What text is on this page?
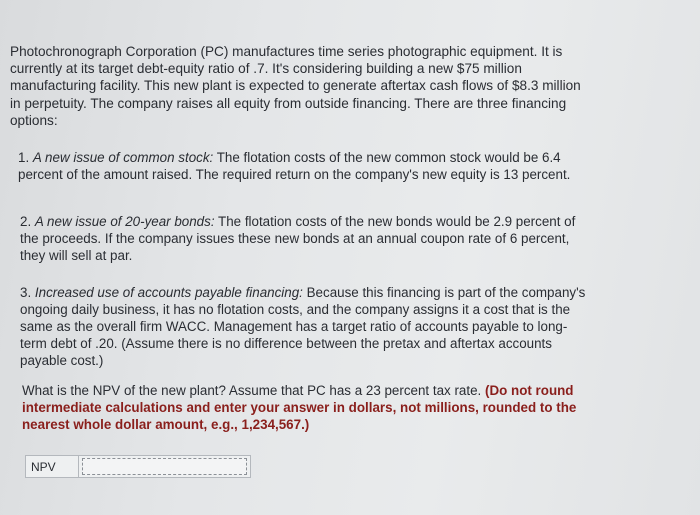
Photochronograph Corporation (PC) manufactures time series photographic equipment. It is currently at its target debt-equity ratio of .7. It's considering building a new $75 million manufacturing facility. This new plant is expected to generate aftertax cash flows of $8.3 million in perpetuity. The company raises all equity from outside financing. There are three financing options:

1. A new issue of common stock: The flotation costs of the new common stock would be 6.4 percent of the amount raised. The required return on the company's new equity is 13 percent.

2. A new issue of 20-year bonds: The flotation costs of the new bonds would be 2.9 percent of the proceeds. If the company issues these new bonds at an annual coupon rate of 6 percent, they will sell at par.

3. Increased use of accounts payable financing: Because this financing is part of the company's ongoing daily business, it has no flotation costs, and the company assigns it a cost that is the same as the overall firm WACC. Management has a target ratio of accounts payable to long-term debt of .20. (Assume there is no difference between the pretax and aftertax accounts payable cost.)

What is the NPV of the new plant? Assume that PC has a 23 percent tax rate. (Do not round intermediate calculations and enter your answer in dollars, not millions, rounded to the nearest whole dollar amount, e.g., 1,234,567.)

NPV
